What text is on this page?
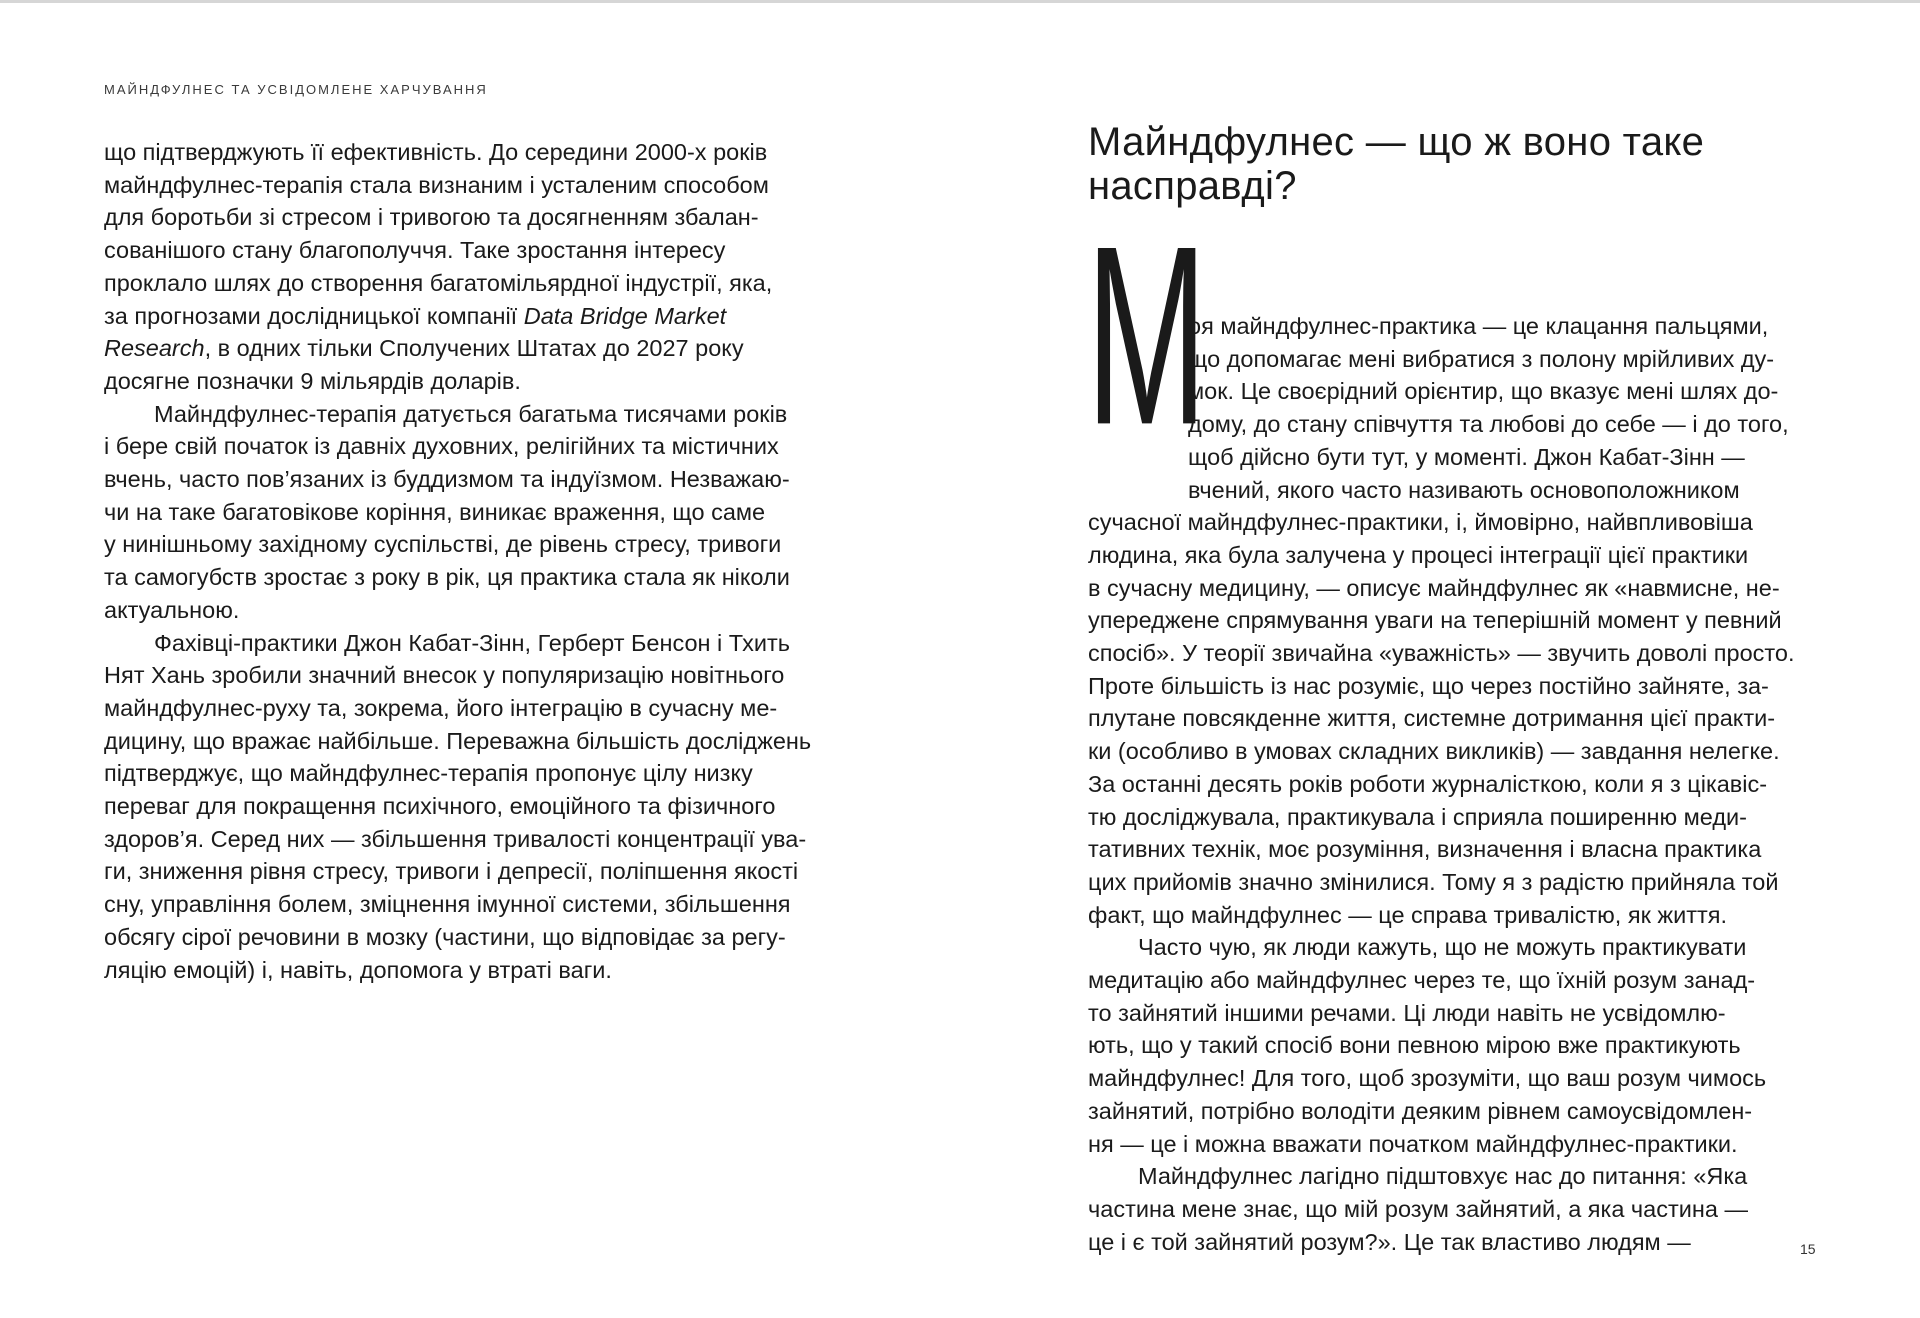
МАЙНДФУЛНЕС ТА УСВІДОМЛЕНЕ ХАРЧУВАННЯ
що підтверджують її ефективність. До середини 2000-х років
майндфулнес-терапія стала визнаним і усталеним способом
для боротьби зі стресом і тривогою та досягненням збалан-
сованішого стану благополуччя. Таке зростання інтересу
проклало шлях до створення багатомільярдної індустрії, яка,
за прогнозами дослідницької компанії Data Bridge Market
Research, в одних тільки Сполучених Штатах до 2027 року
досягне позначки 9 мільярдів доларів.
Майндфулнес-терапія датується багатьма тисячами років
і бере свій початок із давніх духовних, релігійних та містичних
вчень, часто пов’язаних із буддизмом та індуїзмом. Незважаю-
чи на таке багатовікове коріння, виникає враження, що саме
у нинішньому західному суспільстві, де рівень стресу, тривоги
та самогубств зростає з року в рік, ця практика стала як ніколи
актуальною.
Фахівці-практики Джон Кабат-Зінн, Герберт Бенсон і Тхить
Нят Хань зробили значний внесок у популяризацію новітнього
майндфулнес-руху та, зокрема, його інтеграцію в сучасну ме-
дицину, що вражає найбільше. Переважна більшість досліджень
підтверджує, що майндфулнес-терапія пропонує цілу низку
переваг для покращення психічного, емоційного та фізичного
здоров’я. Серед них — збільшення тривалості концентрації ува-
ги, зниження рівня стресу, тривоги і депресії, поліпшення якості
сну, управління болем, зміцнення імунної системи, збільшення
обсягу сірої речовини в мозку (частини, що відповідає за регу-
ляцію емоцій) і, навіть, допомога у втраті ваги.
Майндфулнес — що ж воно таке
насправді?
М
оя майндфулнес-практика — це клацання пальцями,
що допомагає мені вибратися з полону мрійливих ду-
мок. Це своєрідний орієнтир, що вказує мені шлях до-
дому, до стану співчуття та любові до себе — і до того,
щоб дійсно бути тут, у моменті. Джон Кабат-Зінн —
вчений, якого часто називають основоположником
сучасної майндфулнес-практики, і, ймовірно, найвпливовіша
людина, яка була залучена у процесі інтеграції цієї практики
в сучасну медицину, — описує майндфулнес як «навмисне, не-
упереджене спрямування уваги на теперішній момент у певний
спосіб». У теорії звичайна «уважність» — звучить доволі просто.
Проте більшість із нас розуміє, що через постійно зайняте, за-
плутане повсякденне життя, системне дотримання цієї практи-
ки (особливо в умовах складних викликів) — завдання нелегке.
За останні десять років роботи журналісткою, коли я з цікавіс-
тю досліджувала, практикувала і сприяла поширенню меди-
тативних технік, моє розуміння, визначення і власна практика
цих прийомів значно змінилися. Тому я з радістю прийняла той
факт, що майндфулнес — це справа тривалістю, як життя.
Часто чую, як люди кажуть, що не можуть практикувати
медитацію або майндфулнес через те, що їхній розум занад-
то зайнятий іншими речами. Ці люди навіть не усвідомлю-
ють, що у такий спосіб вони певною мірою вже практикують
майндфулнес! Для того, щоб зрозуміти, що ваш розум чимось
зайнятий, потрібно володіти деяким рівнем самоусвідомлен-
ня — це і можна вважати початком майндфулнес-практики.
Майндфулнес лагідно підштовхує нас до питання: «Яка
частина мене знає, що мій розум зайнятий, а яка частина —
це і є той зайнятий розум?». Це так властиво людям —	15
